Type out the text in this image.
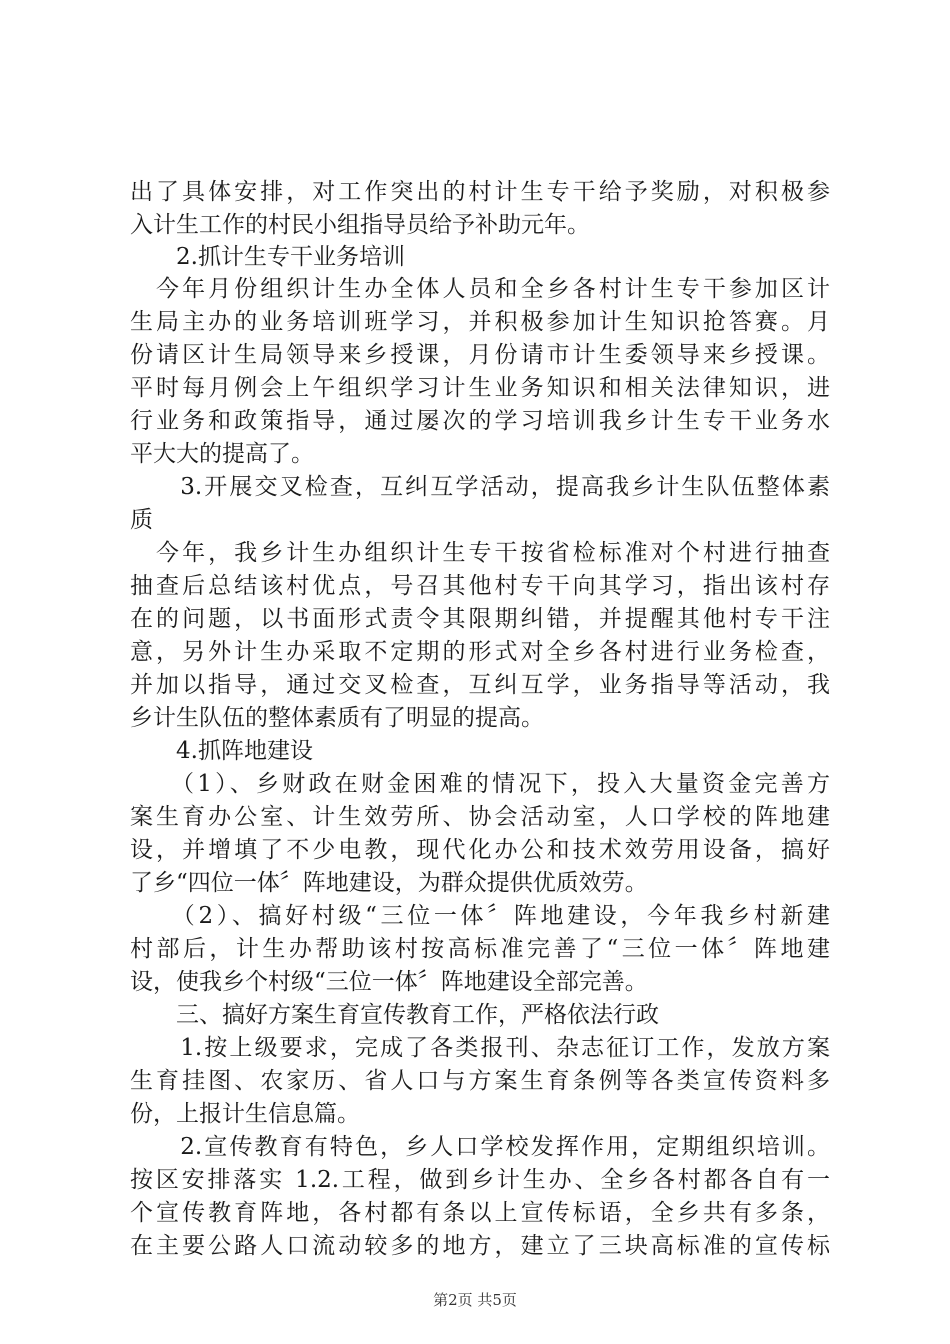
出了具体安排，对工作突出的村计生专干给予奖励，对积极参
入计生工作的村民小组指导员给予补助元年。
　　2.抓计生专干业务培训
　今年月份组织计生办全体人员和全乡各村计生专干参加区计
生局主办的业务培训班学习，并积极参加计生知识抢答赛。月
份请区计生局领导来乡授课，月份请市计生委领导来乡授课。
平时每月例会上午组织学习计生业务知识和相关法律知识，进
行业务和政策指导，通过屡次的学习培训我乡计生专干业务水
平大大的提高了。
　　3.开展交叉检查，互纠互学活动，提高我乡计生队伍整体素
质
　今年，我乡计生办组织计生专干按省检标准对个村进行抽查
抽查后总结该村优点，号召其他村专干向其学习，指出该村存
在的问题，以书面形式责令其限期纠错，并提醒其他村专干注
意，另外计生办采取不定期的形式对全乡各村进行业务检查，
并加以指导，通过交叉检查，互纠互学，业务指导等活动，我
乡计生队伍的整体素质有了明显的提高。
　　4.抓阵地建设
　　（1）、乡财政在财金困难的情况下，投入大量资金完善方
案生育办公室、计生效劳所、协会活动室，人口学校的阵地建
设，并增填了不少电教，现代化办公和技术效劳用设备，搞好
了乡“四位一体〞阵地建设，为群众提供优质效劳。
　　（2）、搞好村级“三位一体〞阵地建设，今年我乡村新建
村部后，计生办帮助该村按高标准完善了“三位一体〞阵地建
设，使我乡个村级“三位一体〞阵地建设全部完善。
　　三、搞好方案生育宣传教育工作，严格依法行政
　　1.按上级要求，完成了各类报刊、杂志征订工作，发放方案
生育挂图、农家历、省人口与方案生育条例等各类宣传资料多
份，上报计生信息篇。
　　2.宣传教育有特色，乡人口学校发挥作用，定期组织培训。
按区安排落实 1.2.工程，做到乡计生办、全乡各村都各自有一
个宣传教育阵地，各村都有条以上宣传标语，全乡共有多条，
在主要公路人口流动较多的地方，建立了三块高标准的宣传标
第2页 共5页
